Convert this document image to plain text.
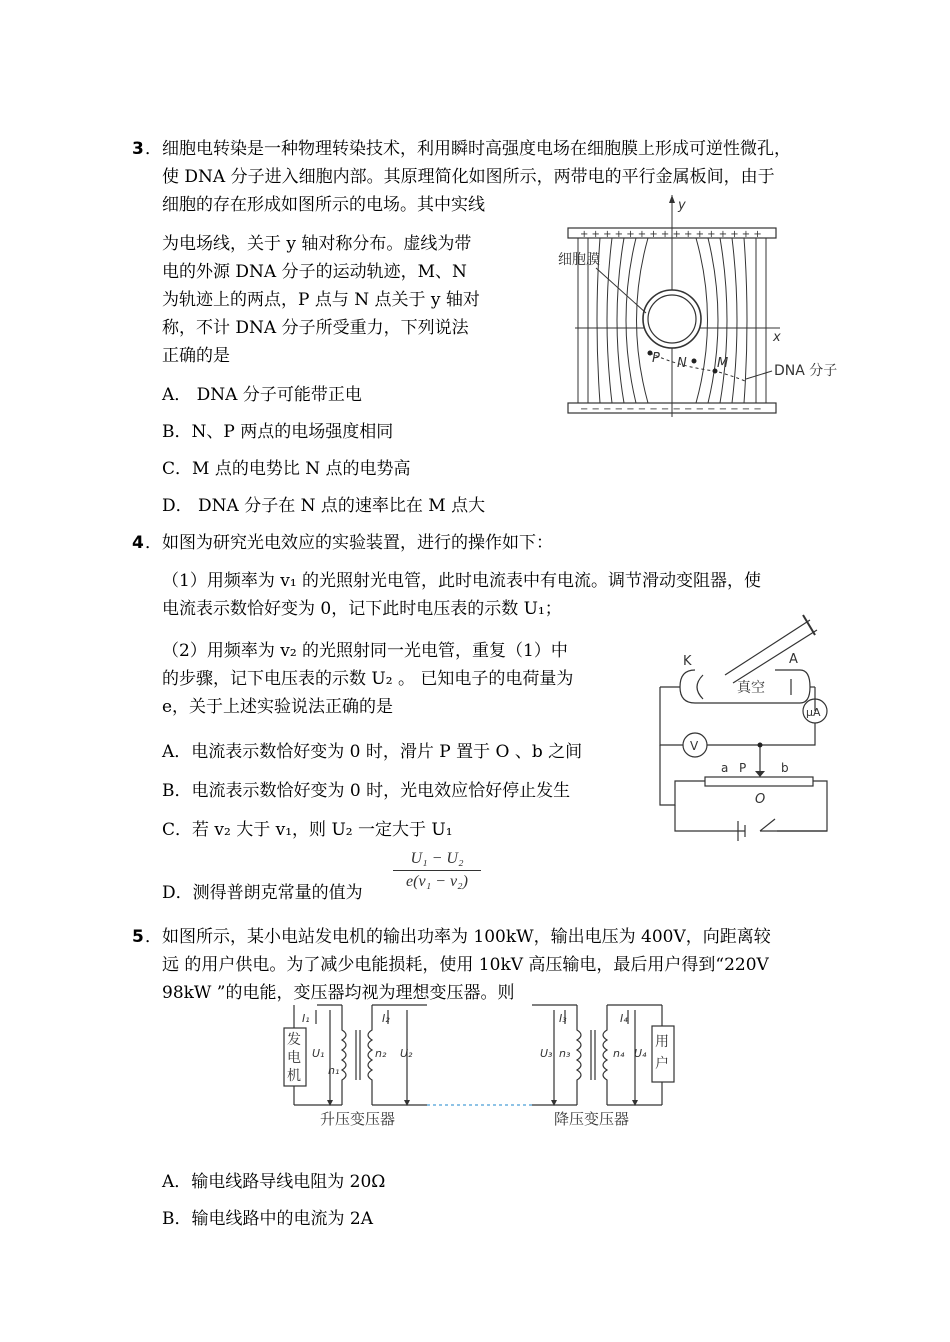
3 ．细胞电转染是一种物理转染技术，利用瞬时高强度电场在细胞膜上形成可逆性微孔，
使 DNA 分子进入细胞内部。其原理简化如图所示，两带电的平行金属板间，由于
细胞的存在形成如图所示的电场。其中实线
为电场线，关于 y 轴对称分布。虚线为带
电的外源 DNA 分子的运动轨迹，M、N
为轨迹上的两点，P 点与 N 点关于 y 轴对
称，不计 DNA 分子所受重力，下列说法
正确的是
A． DNA 分子可能带正电
B．N、P 两点的电场强度相同
C．M 点的电势比 N 点的电势高
D． DNA 分子在 N 点的速率比在 M 点大
+ + + + + + + + + + + + + + + +
− − − − − − − − − − − − − − − −
y
x
P N M
细胞膜
DNA 分子
4 ．如图为研究光电效应的实验装置，进行的操作如下：
（1）用频率为 v₁ 的光照射光电管，此时电流表中有电流。调节滑动变阻器，使
电流表示数恰好变为 0，记下此时电压表的示数 U₁；
（2）用频率为 v₂ 的光照射同一光电管，重复（1）中
的步骤，记下电压表的示数 U₂ 。 已知电子的电荷量为
e，关于上述实验说法正确的是
A．电流表示数恰好变为 0 时，滑片 P 置于 O 、b 之间
B．电流表示数恰好变为 0 时，光电效应恰好停止发生
C．若 v₂ 大于 v₁，则 U₂ 一定大于 U₁
D．测得普朗克常量的值为
U₁ − U₂
e(v₁ − v₂)
K	A
真空
μA
V
a P	b
O
5 ．如图所示，某小电站发电机的输出功率为 100kW，输出电压为 400V，向距离较
远 的用户供电。为了减少电能损耗，使用 10kV 高压输电，最后用户得到“220V
98kW ”的电能，变压器均视为理想变压器。则
A．输电线路导线电阻为 20Ω
B．输电线路中的电流为 2A
发
电
机
用
户
I₁	I₂	I₃	I₄
U₁	U₂	U₃	U₄
n₁
n₂	n₃	n₄
升压变压器	降压变压器
